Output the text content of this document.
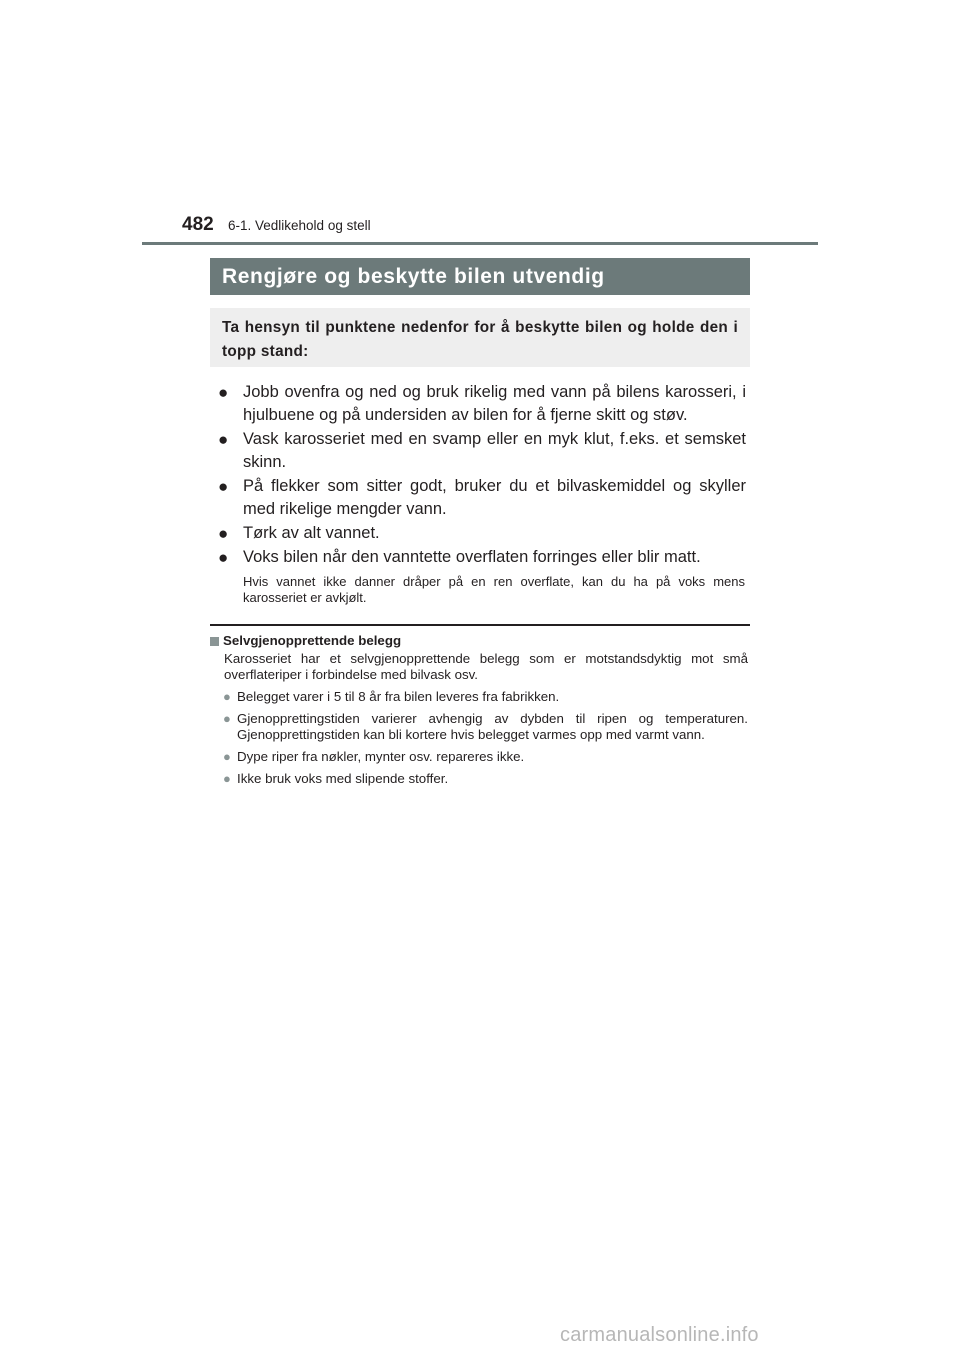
482	6-1. Vedlikehold og stell
Rengjøre og beskytte bilen utvendig

Ta hensyn til punktene nedenfor for å beskytte bilen og holde den i topp stand:

● Jobb ovenfra og ned og bruk rikelig med vann på bilens karosseri, i hjulbuene og på undersiden av bilen for å fjerne skitt og støv.
● Vask karosseriet med en svamp eller en myk klut, f.eks. et semsket skinn.
● På flekker som sitter godt, bruker du et bilvaskemiddel og skyller med rikelige mengder vann.
● Tørk av alt vannet.
● Voks bilen når den vanntette overflaten forringes eller blir matt.

Hvis vannet ikke danner dråper på en ren overflate, kan du ha på voks mens karosseriet er avkjølt.

Selvgjenopprettende belegg

Karosseriet har et selvgjenopprettende belegg som er motstandsdyktig mot små overflateriper i forbindelse med bilvask osv.

● Belegget varer i 5 til 8 år fra bilen leveres fra fabrikken.
● Gjenopprettingstiden varierer avhengig av dybden til ripen og temperaturen. Gjenopprettingstiden kan bli kortere hvis belegget varmes opp med varmt vann.
● Dype riper fra nøkler, mynter osv. repareres ikke.
● Ikke bruk voks med slipende stoffer.
carmanualsonline.info
